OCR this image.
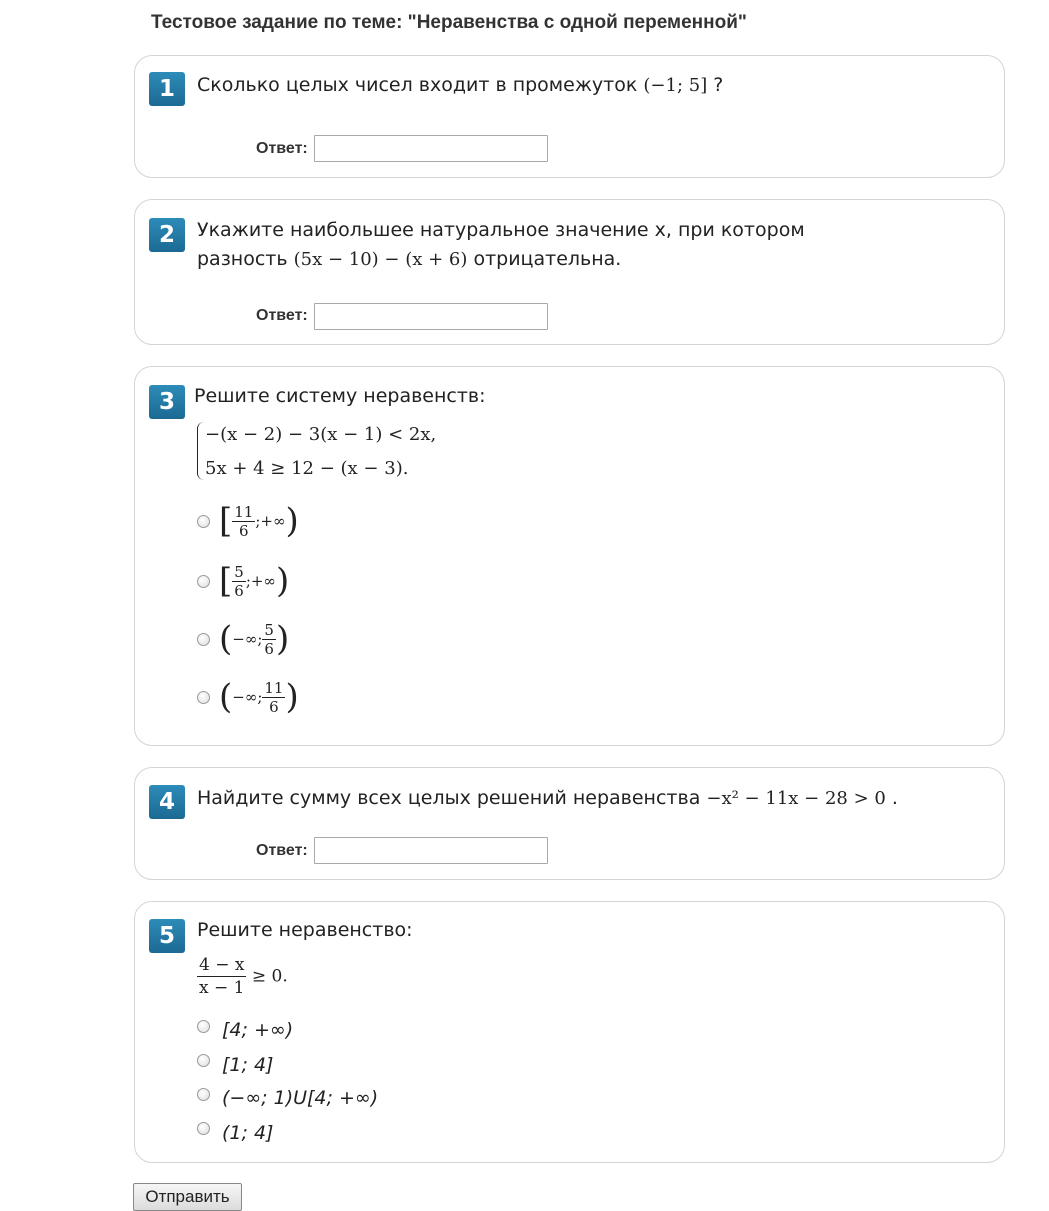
Тестовое задание по теме: "Неравенства с одной переменной"
1	Сколько целых чисел входит в промежуток (−1; 5] ?
Ответ:
2	Укажите наибольшее натуральное значение x, при котором
разность (5x − 10) − (x + 6) отрицательна.
Ответ:
3	Решите систему неравенств:
−(x − 2) − 3(x − 1) < 2x,
5x + 4 ≥ 12 − (x − 3).
[ $\frac{11}{6}$ ;+∞)
[ $\frac{5}{6}$ ;+∞)
(−∞; $\frac{5}{6}$ )
(−∞; $\frac{11}{6}$ )
4	Найдите сумму всех целых решений неравенства −x² − 11x − 28 > 0 .
Ответ:
5	Решите неравенство:
$\frac{4 - x}{x - 1} \ge 0$.
[4; +∞)
[1; 4]
(−∞; 1)U[4; +∞)
(1; 4]
Отправить
